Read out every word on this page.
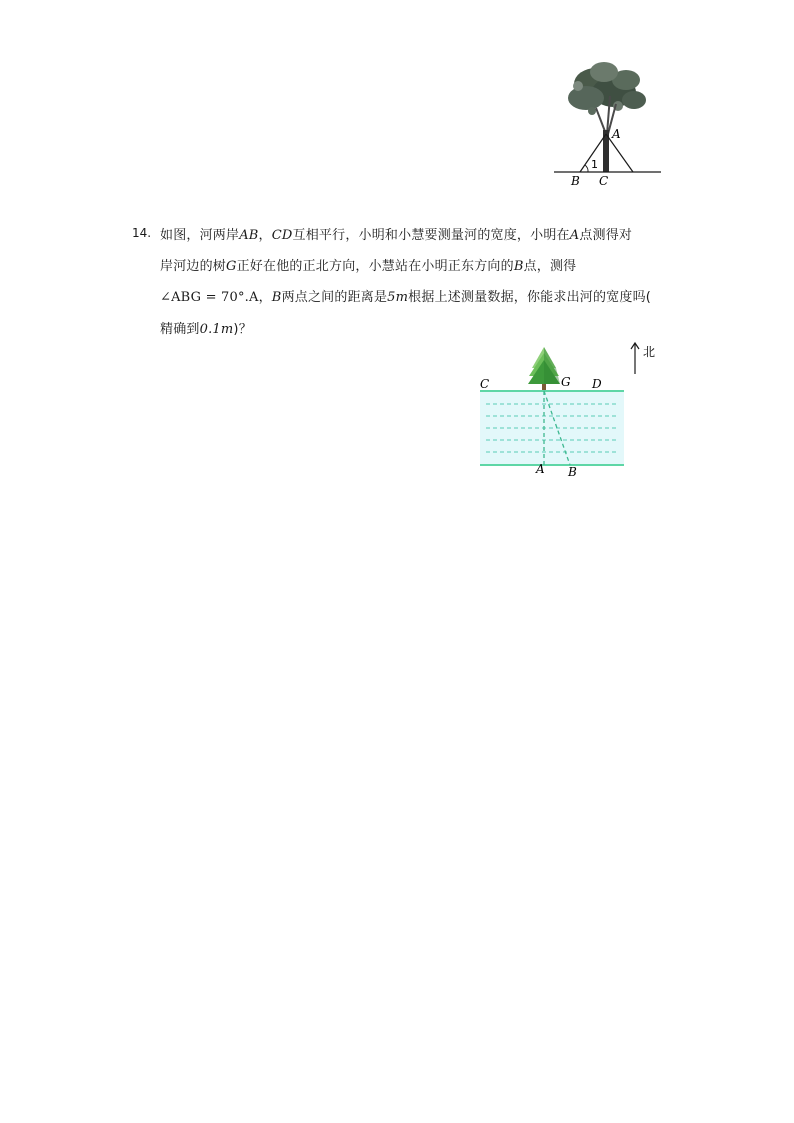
A
1
B C
14. 如图，河两岸AB，CD互相平行，小明和小慧要测量河的宽度，小明在A点测得对
岸河边的树G正好在他的正北方向，小慧站在小明正东方向的B点，测得
∠ABG = 70°.A，B两点之间的距离是5m根据上述测量数据，你能求出河的宽度吗(
精确到0.1m)？
C	G D
A B
北
